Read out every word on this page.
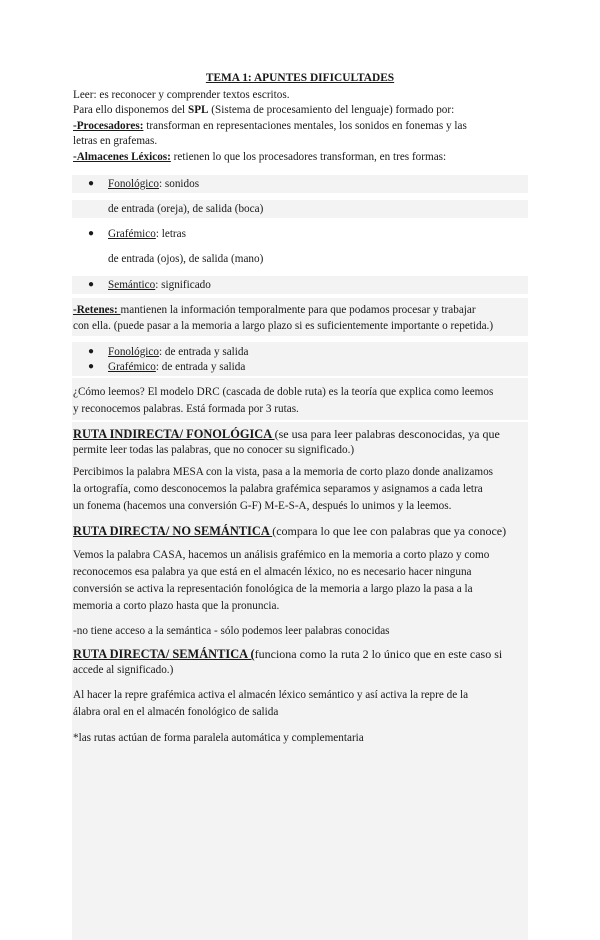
TEMA 1: APUNTES DIFICULTADES
Leer: es reconocer y comprender textos escritos.
Para ello disponemos del SPL (Sistema de procesamiento del lenguaje) formado por:
-Procesadores: transforman en representaciones mentales, los sonidos en fonemas y las
letras en grafemas.
-Almacenes Léxicos: retienen lo que los procesadores transforman, en tres formas:
● Fonológico: sonidos
de entrada (oreja), de salida (boca)
● Grafémico: letras
de entrada (ojos), de salida (mano)
● Semántico: significado
-Retenes: mantienen la información temporalmente para que podamos procesar y trabajar
con ella. (puede pasar a la memoria a largo plazo si es suficientemente importante o repetida.)
● Fonológico: de entrada y salida
● Grafémico: de entrada y salida
¿Cómo leemos? El modelo DRC (cascada de doble ruta) es la teoría que explica como leemos
y reconocemos palabras. Está formada por 3 rutas.
RUTA INDIRECTA/ FONOLÓGICA (se usa para leer palabras desconocidas, ya que
permite leer todas las palabras, que no conocer su significado.)
Percibimos la palabra MESA con la vista, pasa a la memoria de corto plazo donde analizamos
la ortografía, como desconocemos la palabra grafémica separamos y asignamos a cada letra
un fonema (hacemos una conversión G-F) M-E-S-A, después lo unimos y la leemos.
RUTA DIRECTA/ NO SEMÁNTICA (compara lo que lee con palabras que ya conoce)
Vemos la palabra CASA, hacemos un análisis grafémico en la memoria a corto plazo y como
reconocemos esa palabra ya que está en el almacén léxico, no es necesario hacer ninguna
conversión se activa la representación fonológica de la memoria a largo plazo la pasa a la
memoria a corto plazo hasta que la pronuncia.
-no tiene acceso a la semántica - sólo podemos leer palabras conocidas
RUTA DIRECTA/ SEMÁNTICA (funciona como la ruta 2 lo único que en este caso si
accede al significado.)
Al hacer la repre grafémica activa el almacén léxico semántico y así activa la repre de la
álabra oral en el almacén fonológico de salida
*las rutas actúan de forma paralela automática y complementaria
